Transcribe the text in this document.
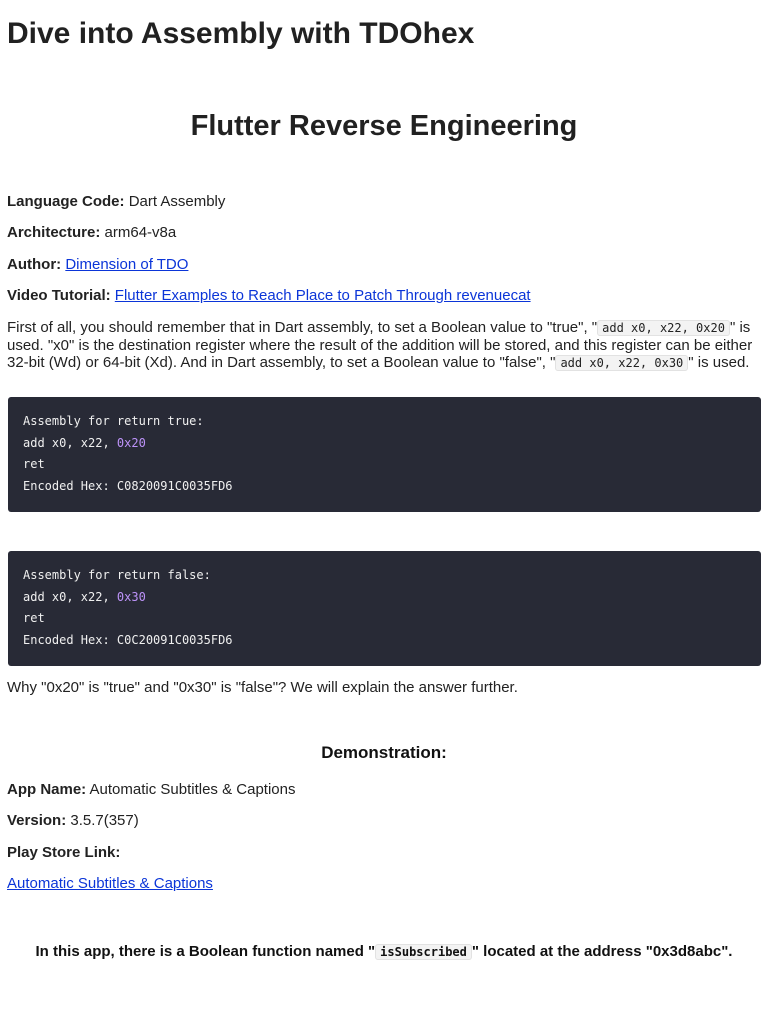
Dive into Assembly with TDOhex
Flutter Reverse Engineering
Language Code: Dart Assembly
Architecture: arm64-v8a
Author: Dimension of TDO
Video Tutorial: Flutter Examples to Reach Place to Patch Through revenuecat
First of all, you should remember that in Dart assembly, to set a Boolean value to "true", " add x0, x22, 0x20 " is used. "x0" is the destination register where the result of the addition will be stored, and this register can be either 32-bit (Wd) or 64-bit (Xd). And in Dart assembly, to set a Boolean value to "false", " add x0, x22, 0x30 " is used.
Assembly for return true:
add x0, x22, 0x20
ret
Encoded Hex: C0820091C0035FD6
Assembly for return false:
add x0, x22, 0x30
ret
Encoded Hex: C0C20091C0035FD6
Why "0x20" is "true" and "0x30" is "false"? We will explain the answer further.
Demonstration:
App Name: Automatic Subtitles & Captions
Version: 3.5.7(357)
Play Store Link:
Automatic Subtitles & Captions
In this app, there is a Boolean function named " isSubscribed " located at the address "0x3d8abc".
